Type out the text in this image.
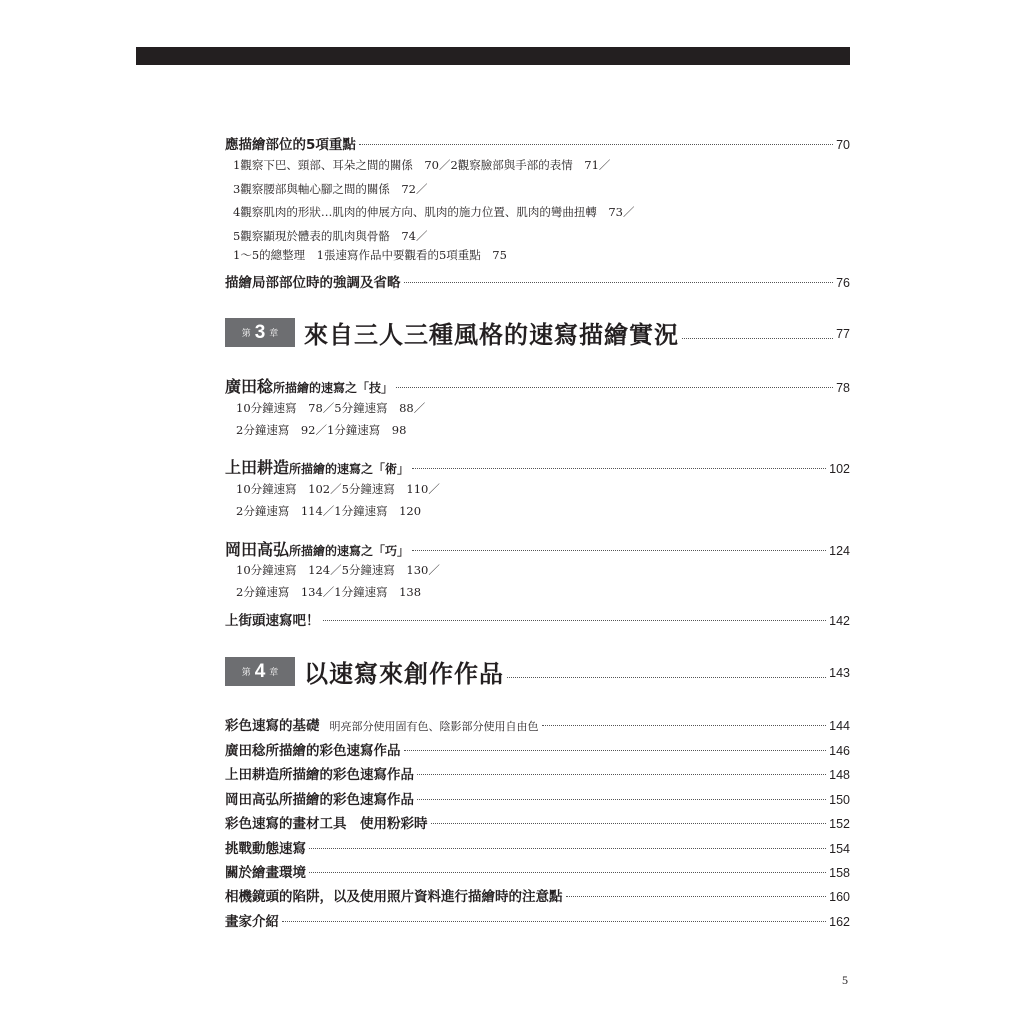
應描繪部位的5項重點	70
1觀察下巴、頸部、耳朵之間的關係　70／2觀察臉部與手部的表情　71／
3觀察腰部與軸心腳之間的關係　72／
4觀察肌肉的形狀…肌肉的伸展方向、肌肉的施力位置、肌肉的彎曲扭轉　73／
5觀察顯現於體表的肌肉與骨骼　74／
1～5的總整理　1張速寫作品中要觀看的5項重點　75
描繪局部部位時的強調及省略	76
第 3 章 來自三人三種風格的速寫描繪實況	77
廣田稔所描繪的速寫之「技」	78
10分鐘速寫　78／5分鐘速寫　88／
2分鐘速寫　92／1分鐘速寫　98
上田耕造所描繪的速寫之「術」	102
10分鐘速寫　102／5分鐘速寫　110／
2分鐘速寫　114／1分鐘速寫　120
岡田高弘所描繪的速寫之「巧」	124
10分鐘速寫　124／5分鐘速寫　130／
2分鐘速寫　134／1分鐘速寫　138
上街頭速寫吧！	142
第 4 章 以速寫來創作作品	143
彩色速寫的基礎 明亮部分使用固有色、陰影部分使用自由色	144
廣田稔所描繪的彩色速寫作品	146
上田耕造所描繪的彩色速寫作品	148
岡田高弘所描繪的彩色速寫作品	150
彩色速寫的畫材工具　使用粉彩時	152
挑戰動態速寫	154
關於繪畫環境	158
相機鏡頭的陷阱，以及使用照片資料進行描繪時的注意點	160
畫家介紹	162
5
